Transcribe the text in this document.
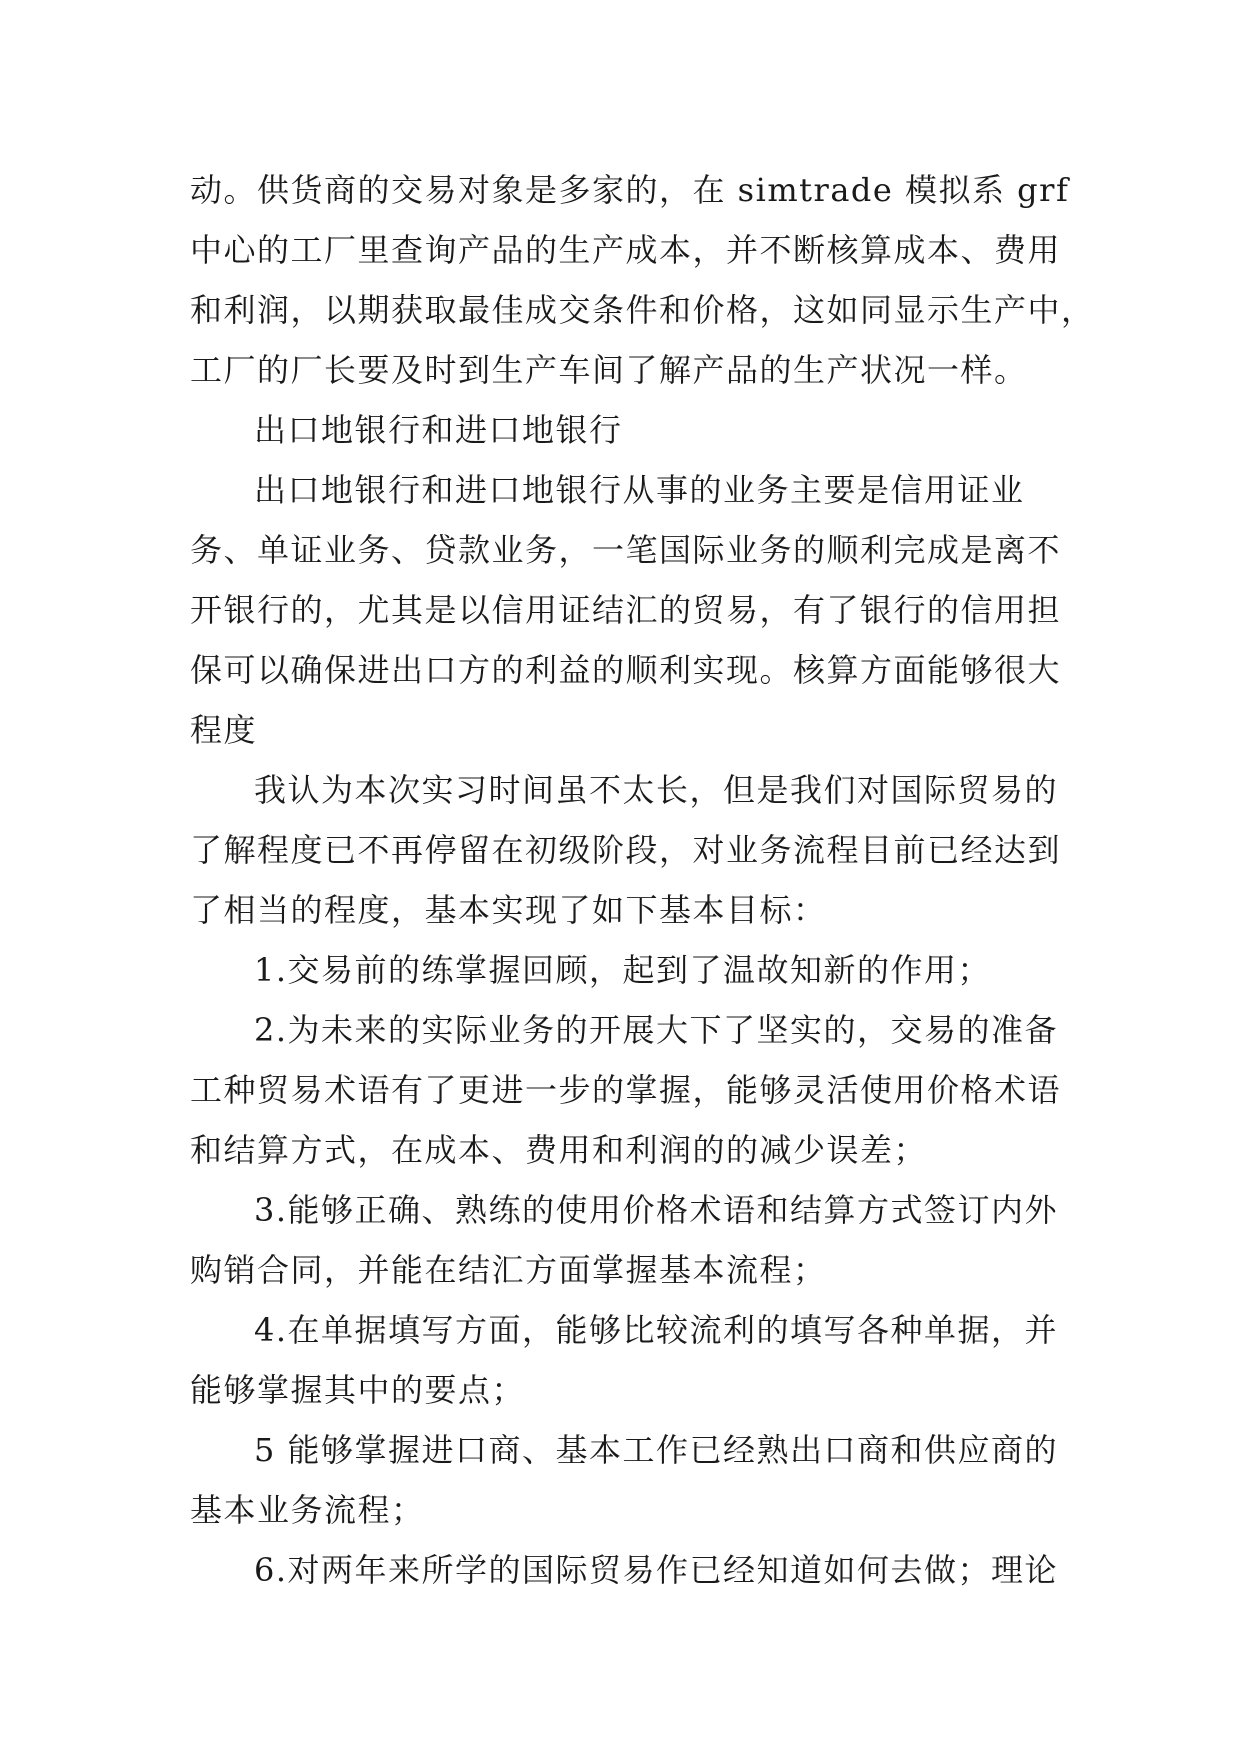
动。供货商的交易对象是多家的，在 simtrade 模拟系 grf
中心的工厂里查询产品的生产成本，并不断核算成本、费用
和利润，以期获取最佳成交条件和价格，这如同显示生产中，
工厂的厂长要及时到生产车间了解产品的生产状况一样。
出口地银行和进口地银行
出口地银行和进口地银行从事的业务主要是信用证业
务、单证业务、贷款业务，一笔国际业务的顺利完成是离不
开银行的，尤其是以信用证结汇的贸易，有了银行的信用担
保可以确保进出口方的利益的顺利实现。核算方面能够很大
程度
我认为本次实习时间虽不太长，但是我们对国际贸易的
了解程度已不再停留在初级阶段，对业务流程目前已经达到
了相当的程度，基本实现了如下基本目标：
1.交易前的练掌握回顾，起到了温故知新的作用；
2.为未来的实际业务的开展大下了坚实的，交易的准备
工种贸易术语有了更进一步的掌握，能够灵活使用价格术语
和结算方式，在成本、费用和利润的的减少误差；
3.能够正确、熟练的使用价格术语和结算方式签订内外
购销合同，并能在结汇方面掌握基本流程；
4.在单据填写方面，能够比较流利的填写各种单据，并
能够掌握其中的要点；
5 能够掌握进口商、基本工作已经熟出口商和供应商的
基本业务流程；
6.对两年来所学的国际贸易作已经知道如何去做；理论
